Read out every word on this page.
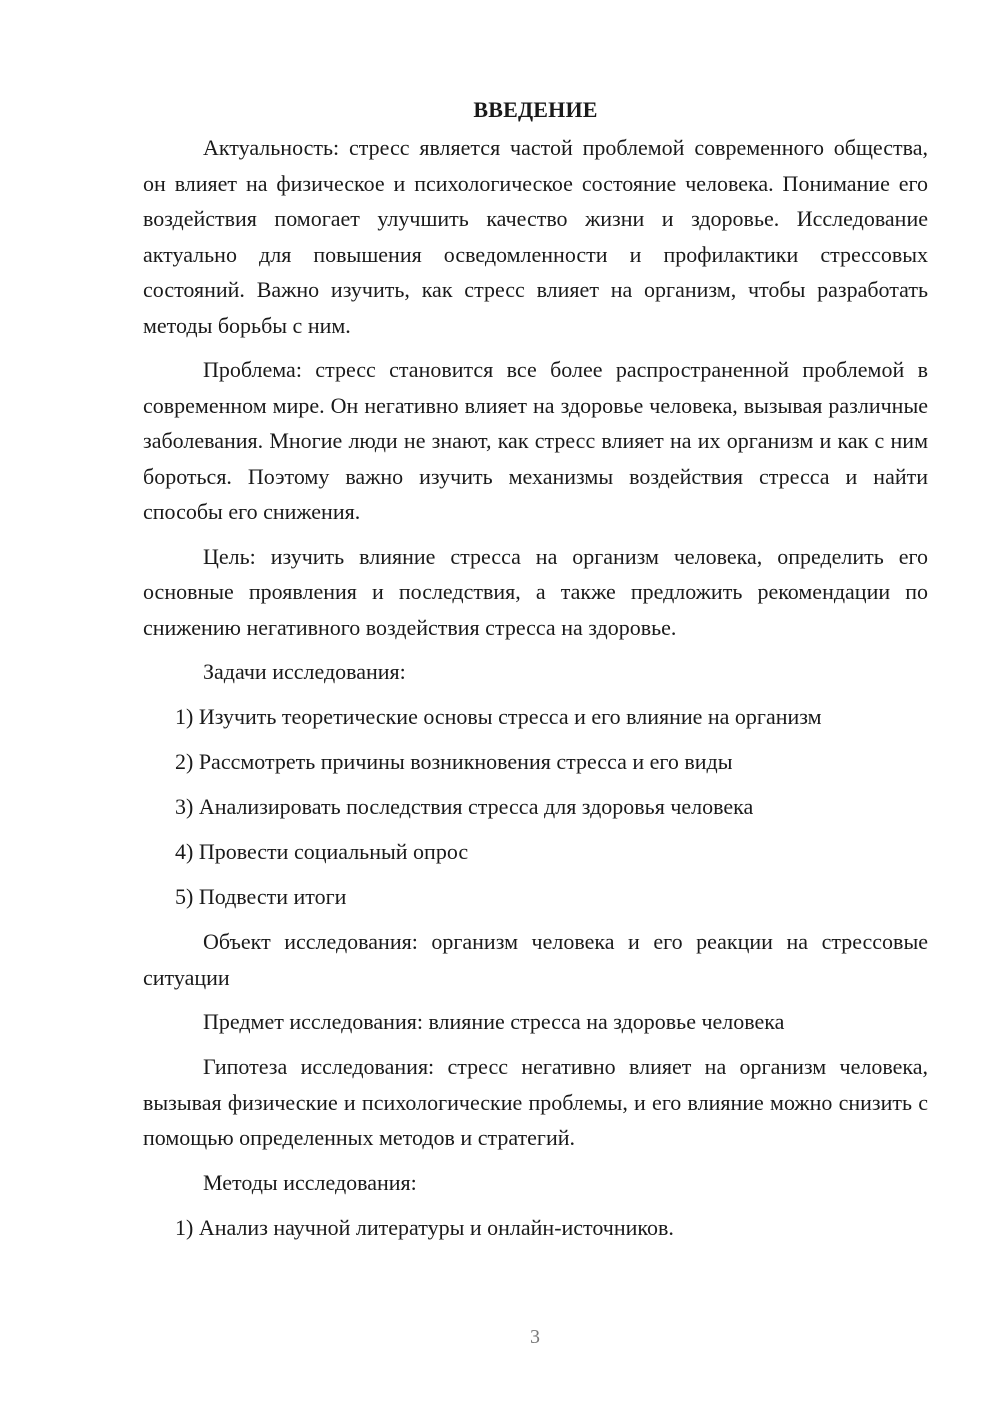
ВВЕДЕНИЕ

Актуальность: стресс является частой проблемой современного общества, он влияет на физическое и психологическое состояние человека. Понимание его воздействия помогает улучшить качество жизни и здоровье. Исследование актуально для повышения осведомленности и профилактики стрессовых состояний. Важно изучить, как стресс влияет на организм, чтобы разработать методы борьбы с ним.

Проблема: стресс становится все более распространенной проблемой в современном мире. Он негативно влияет на здоровье человека, вызывая различные заболевания. Многие люди не знают, как стресс влияет на их организм и как с ним бороться. Поэтому важно изучить механизмы воздействия стресса и найти способы его снижения.

Цель: изучить влияние стресса на организм человека, определить его основные проявления и последствия, а также предложить рекомендации по снижению негативного воздействия стресса на здоровье.

Задачи исследования:

1) Изучить теоретические основы стресса и его влияние на организм

2) Рассмотреть причины возникновения стресса и его виды

3) Анализировать последствия стресса для здоровья человека

4) Провести социальный опрос

5) Подвести итоги

Объект исследования: организм человека и его реакции на стрессовые ситуации

Предмет исследования: влияние стресса на здоровье человека

Гипотеза исследования: стресс негативно влияет на организм человека, вызывая физические и психологические проблемы, и его влияние можно снизить с помощью определенных методов и стратегий.

Методы исследования:

1) Анализ научной литературы и онлайн-источников.

3
